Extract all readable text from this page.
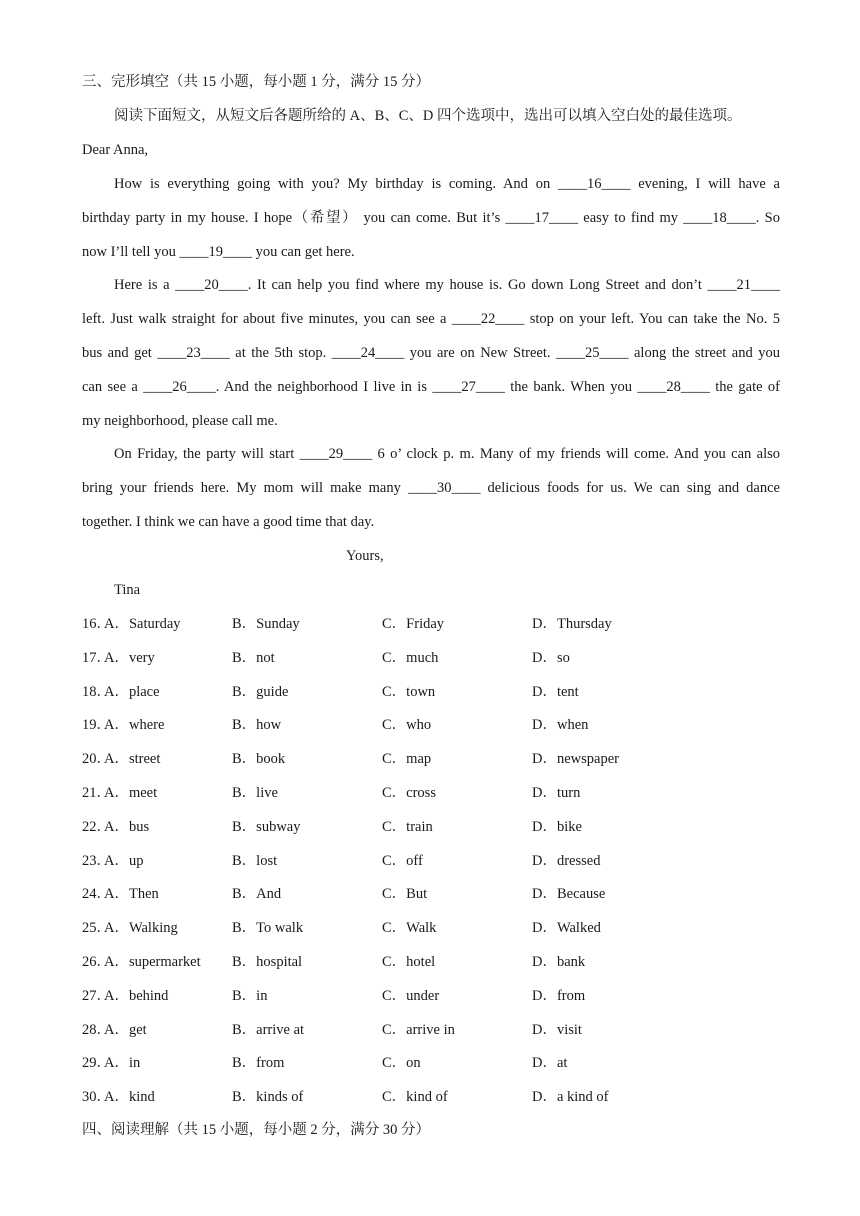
三、完形填空（共 15 小题，每小题 1 分，满分 15 分）
阅读下面短文，从短文后各题所给的 A、B、C、D 四个选项中，选出可以填入空白处的最佳选项。
Dear Anna,
How is everything going with you? My birthday is coming. And on ____16____ evening, I will have a
birthday party in my house. I hope（希望） you can come. But it’s ____17____ easy to find my ____18____. So
now I’ll tell you ____19____ you can get here.
Here is a ____20____. It can help you find where my house is. Go down Long Street and don’t ____21____
left. Just walk straight for about five minutes, you can see a ____22____ stop on your left. You can take the No. 5
bus and get ____23____ at the 5th stop. ____24____ you are on New Street. ____25____ along the street and you
can see a ____26____. And the neighborhood I live in is ____27____ the bank. When you ____28____ the gate of
my neighborhood, please call me.
On Friday, the party will start ____29____ 6 o’ clock p. m. Many of my friends will come. And you can also
bring your friends here. My mom will make many ____30____ delicious foods for us. We can sing and dance
together. I think we can have a good time that day.
Yours,
Tina
16．
A．Saturday	B．Sunday	C．Friday	D．Thursday
17．
A．very	B．not	C．much	D．so
18．
A．place	B．guide	C．town	D．tent
19．
A．where	B．how	C．who	D．when
20．
A．street	B．book	C．map	D．newspaper
21．
A．meet	B．live	C．cross	D．turn
22．
A．bus	B．subway	C．train	D．bike
23．
A．up	B．lost	C．off	D．dressed
24．
A．Then	B．And	C．But	D．Because
25．
A．Walking	B．To walk	C．Walk	D．Walked
26．
A．supermarket B．hospital	C．hotel	D．bank
27．
A．behind	B．in	C．under	D．from
28．
A．get	B．arrive at	C．arrive in	D．visit
29．
A．in	B．from	C．on	D．at
30．
A．kind	B．kinds of	C．kind of	D．a kind of
四、阅读理解（共 15 小题，每小题 2 分，满分 30 分）
